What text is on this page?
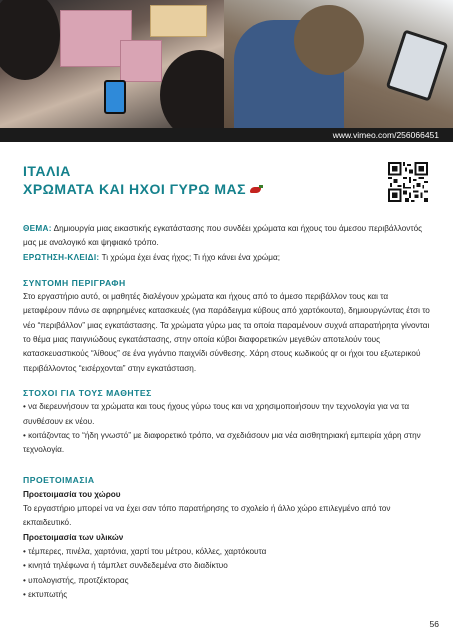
www.vimeo.com/256066451
ΙΤΑΛΙΑ
ΧΡΩΜΑΤΑ ΚΑΙ ΗΧΟΙ ΓΥΡΩ ΜΑΣ

ΘΕΜΑ: Δημιουργία μιας εικαστικής εγκατάστασης που συνδέει χρώματα και ήχους του άμεσου περιβάλλοντός μας με αναλογικό και ψηφιακό τρόπο.

ΕΡΩΤΗΣΗ-ΚΛΕΙΔΙ: Τι χρώμα έχει ένας ήχος; Τι ήχο κάνει ένα χρώμα;

ΣΥΝΤΟΜΗ ΠΕΡΙΓΡΑΦΗ

Στο εργαστήριο αυτό, οι μαθητές διαλέγουν χρώματα και ήχους από το άμεσο περιβάλλον τους και τα μεταφέρουν πάνω σε αφηρημένες κατασκευές (για παράδειγμα κύβους από χαρτόκουτα), δημιουργώντας έτσι το νέο “περιβάλλον” μιας εγκατάστασης. Τα χρώματα γύρω μας τα οποία παραμένουν συχνά απαρατήρητα γίνονται το θέμα μιας παιγνιώδους εγκατάστασης, στην οποία κύβοι διαφορετικών μεγεθών αποτελούν τους κατασκευαστικούς “λίθους” σε ένα γιγάντιο παιχνίδι σύνθεσης. Χάρη στους κωδικούς qr οι ήχοι του εξωτερικού περιβάλλοντος “εισέρχονται” στην εγκατάσταση.

ΣΤΟΧΟΙ ΓΙΑ ΤΟΥΣ ΜΑΘΗΤΕΣ

• να διερευνήσουν τα χρώματα και τους ήχους γύρω τους και να χρησιμοποιήσουν την τεχνολογία για να τα συνθέσουν εκ νέου.

• κοιτάζοντας το “ήδη γνωστό” με διαφορετικό τρόπο, να σχεδιάσουν μια νέα αισθητηριακή εμπειρία χάρη στην τεχνολογία.

ΠΡΟΕΤΟΙΜΑΣΙΑ

Προετοιμασία του χώρου

Το εργαστήριο μπορεί να να έχει σαν τόπο παρατήρησης το σχολείο ή άλλο χώρο επιλεγμένο από τον εκπαιδευτικό.

Προετοιμασία των υλικών

• τέμπερες, πινέλα, χαρτόνια, χαρτί του μέτρου, κόλλες, χαρτόκουτα

• κινητά τηλέφωνα ή τάμπλετ συνδεδεμένα στο διαδίκτυο

• υπολογιστής, προτζέκτορας

• εκτυπωτής

56
